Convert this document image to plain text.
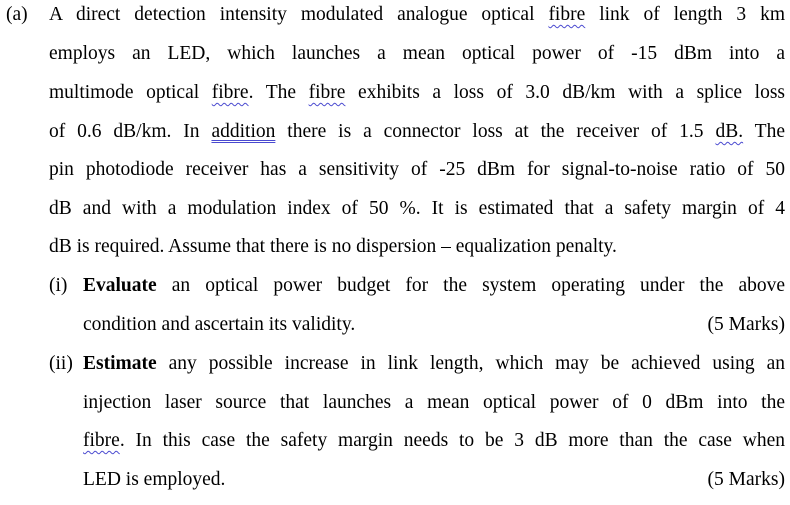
(a) A direct detection intensity modulated analogue optical fibre link of length 3 km
employs an LED, which launches a mean optical power of -15 dBm into a
multimode optical fibre. The fibre exhibits a loss of 3.0 dB/km with a splice loss
of 0.6 dB/km. In addition there is a connector loss at the receiver of 1.5 dB. The
pin photodiode receiver has a sensitivity of -25 dBm for signal-to-noise ratio of 50
dB and with a modulation index of 50 %. It is estimated that a safety margin of 4
dB is required. Assume that there is no dispersion – equalization penalty.
(i) Evaluate an optical power budget for the system operating under the above
condition and ascertain its validity.	(5 Marks)
(ii) Estimate any possible increase in link length, which may be achieved using an
injection laser source that launches a mean optical power of 0 dBm into the
fibre. In this case the safety margin needs to be 3 dB more than the case when
LED is employed.	(5 Marks)
